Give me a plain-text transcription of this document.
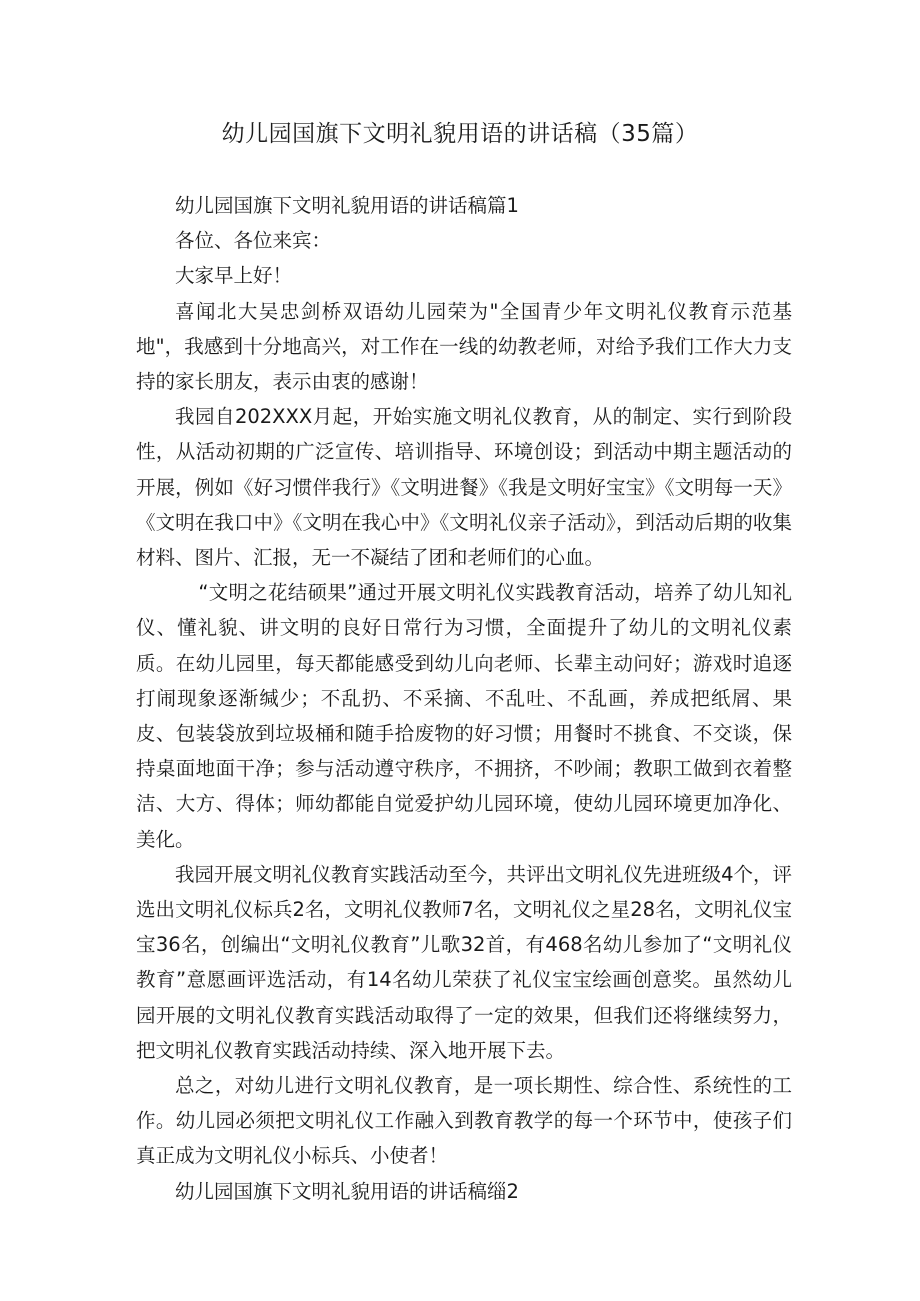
幼儿园国旗下文明礼貌用语的讲话稿（35篇）

幼儿园国旗下文明礼貌用语的讲话稿篇1

各位、各位来宾：

大家早上好！

喜闻北大吴忠剑桥双语幼儿园荣为"全国青少年文明礼仪教育示范基地"，我感到十分地高兴，对工作在一线的幼教老师，对给予我们工作大力支持的家长朋友，表示由衷的感谢！

我园自202XXX月起，开始实施文明礼仪教育，从的制定、实行到阶段性，从活动初期的广泛宣传、培训指导、环境创设；到活动中期主题活动的开展，例如《好习惯伴我行》《文明进餐》《我是文明好宝宝》《文明每一天》《文明在我口中》《文明在我心中》《文明礼仪亲子活动》，到活动后期的收集材料、图片、汇报，无一不凝结了团和老师们的心血。

“文明之花结硕果”通过开展文明礼仪实践教育活动，培养了幼儿知礼仪、懂礼貌、讲文明的良好日常行为习惯，全面提升了幼儿的文明礼仪素质。在幼儿园里，每天都能感受到幼儿向老师、长辈主动问好；游戏时追逐打闹现象逐渐缄少；不乱扔、不采摘、不乱吐、不乱画，养成把纸屑、果皮、包装袋放到垃圾桶和随手拾废物的好习惯；用餐时不挑食、不交谈，保持桌面地面干净；参与活动遵守秩序，不拥挤，不吵闹；教职工做到衣着整洁、大方、得体；师幼都能自觉爱护幼儿园环境，使幼儿园环境更加净化、美化。

我园开展文明礼仪教育实践活动至今，共评出文明礼仪先进班级4个，评选出文明礼仪标兵2名，文明礼仪教师7名，文明礼仪之星28名，文明礼仪宝宝36名，创编出“文明礼仪教育”儿歌32首，有468名幼儿参加了“文明礼仪教育”意愿画评选活动，有14名幼儿荣获了礼仪宝宝绘画创意奖。虽然幼儿园开展的文明礼仪教育实践活动取得了一定的效果，但我们还将继续努力，把文明礼仪教育实践活动持续、深入地开展下去。

总之，对幼儿进行文明礼仪教育，是一项长期性、综合性、系统性的工作。幼儿园必须把文明礼仪工作融入到教育教学的每一个环节中，使孩子们真正成为文明礼仪小标兵、小使者！

幼儿园国旗下文明礼貌用语的讲话稿缁2
